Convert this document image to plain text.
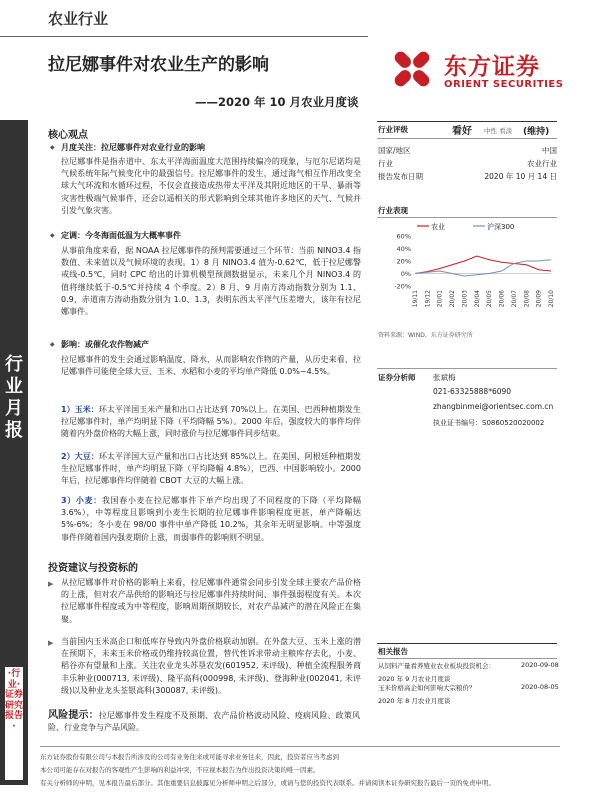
农业行业
拉尼娜事件对农业生产的影响
——2020 年 10 月农业月度谈
东方证券
ORIENT SECURITIES
行业月报
·行业·证券研究报告·
核心观点
◆ 月度关注：拉尼娜事件对农业行业的影响
拉尼娜事件是指赤道中、东太平洋海面温度大范围持续偏冷的现象，与厄尔尼诺均是气候系统年际气候变化中的最强信号。拉尼娜事件的发生，通过海气相互作用改变全球大气环流和水循环过程，不仅会直接造成热带太平洋及其附近地区的干旱、暴雨等灾害性极端气候事件，还会以遥相关的形式影响到全球其他许多地区的天气、气候并引发气象灾害。
◆ 定调：今冬海面低温为大概率事件
从事前角度来看，据 NOAA 拉尼娜事件的预判需要通过三个环节：当前 NINO3.4 指数值、未来值以及气候环境的表现。1）8 月 NINO3.4 值为-0.62℃，低于拉尼娜警戒线-0.5℃，同时 CPC 给出的计算机模型预测数据显示，未来几个月 NINO3.4 的值将继续低于-0.5℃并持续 4 个季度。2）8 月、9 月南方涛动指数分别为 1.1、0.9，赤道南方涛动指数分别为 1.0、1.3，表明东西太平洋气压差增大，该年有拉尼娜事件。
◆ 影响：或催化农作物减产
拉尼娜事件的发生会通过影响温度、降水，从而影响农作物的产量，从历史来看，拉尼娜事件可能使全球大豆、玉米、水稻和小麦的平均单产降低 0.0%~4.5%。
1）玉米：环太平洋国玉米产量和出口占比达到 70%以上。在美国、巴西种植期发生拉尼娜事件时，单产均明显下降（平均降幅 5%）。2000 年后，强度较大的事件均伴随着内外盘价格的大幅上涨，同时涨价与拉尼娜事件同步结束。
2）大豆：环太平洋国大豆产量和出口占比达到 85%以上。在美国、阿根廷种植期发生拉尼娜事件时，单产均明显下降（平均降幅 4.8%），巴西、中国影响较小。2000 年后，拉尼娜事件均伴随着 CBOT 大豆的大幅上涨。
3）小麦：我国春小麦在拉尼娜事件下单产均出现了不同程度的下降（平均降幅 3.6%），中等程度且影响到小麦生长期的拉尼娜事件影响程度更甚，单产降幅达 5%-6%；冬小麦在 98/00 事件中单产降低 10.2%，其余年无明显影响。中等强度事件伴随着国内强麦期价上涨，而弱事件的影响则不明显。
投资建议与投资标的
▶ 从拉尼娜事件对价格的影响上来看，拉尼娜事件通常会同步引发全球主要农产品价格的上涨，但对农产品供给的影响还与拉尼娜事件持续时间、事件强弱程度有关。本次拉尼娜事件程度或为中等程度，影响周期预期较长，对农产品减产的潜在风险正在集聚。
▶ 当前国内玉米高企口和低库存导致内外盘价格联动加剧。在外盘大豆、玉米上涨的潜在预期下，未来玉米价格或仍维持较高位置，替代性诉求带动主粮库存去化，小麦、稻谷亦有望量和上涨。关注农业龙头苏垦农发(601952, 未评级)、种植全流程服务商丰乐种业(000713, 未评级)、隆平高科(000998, 未评级)、登海种业(002041, 未评级)以及种业龙头荃银高科(300087, 未评级)。
风险提示：拉尼娜事件发生程度不及预期、农产品价格波动风险、疫病风险、政策风险、行业竞争与产品风险。
行业评级	看好 中性 看淡 (维持)
国家/地区	中国
行业	农业行业
报告发布日期	2020 年 10 月 14 日
行业表现
农业	沪深300
60%
40%
20%
0%
-20%
19/11 19/12 20/01 20/02 20/03 20/04 20/05 20/06 20/07 20/08 20/09 20/10
资料来源：WIND、东方证券研究所
证券分析师 张斌梅
021-63325888*6090
zhangbinmei@orientsec.com.cn
执业证书编号：S0860520020002
相关报告
从饲料产量看养殖业农业板块投资机会：	2020-09-08
2020 年 9 月农业月度谈
玉米价格高企如何影响大宗粮价？	2020-08-05
2020 年 8 月农业月度谈
东方证券股份有限公司与本报告所涉及的公司有业务往来或可能寻求业务往来，因此，投资者应当考虑到
本公司可能存在对报告的客观性产生影响的利益冲突，不应视本报告为作出投资决策的唯一因素。
有关分析师的申明，见本报告最后部分。其他重要信息披露见分析师申明之后部分，或请与您的投资代表联系。并请阅读本证券研究报告最后一页的免责申明。
